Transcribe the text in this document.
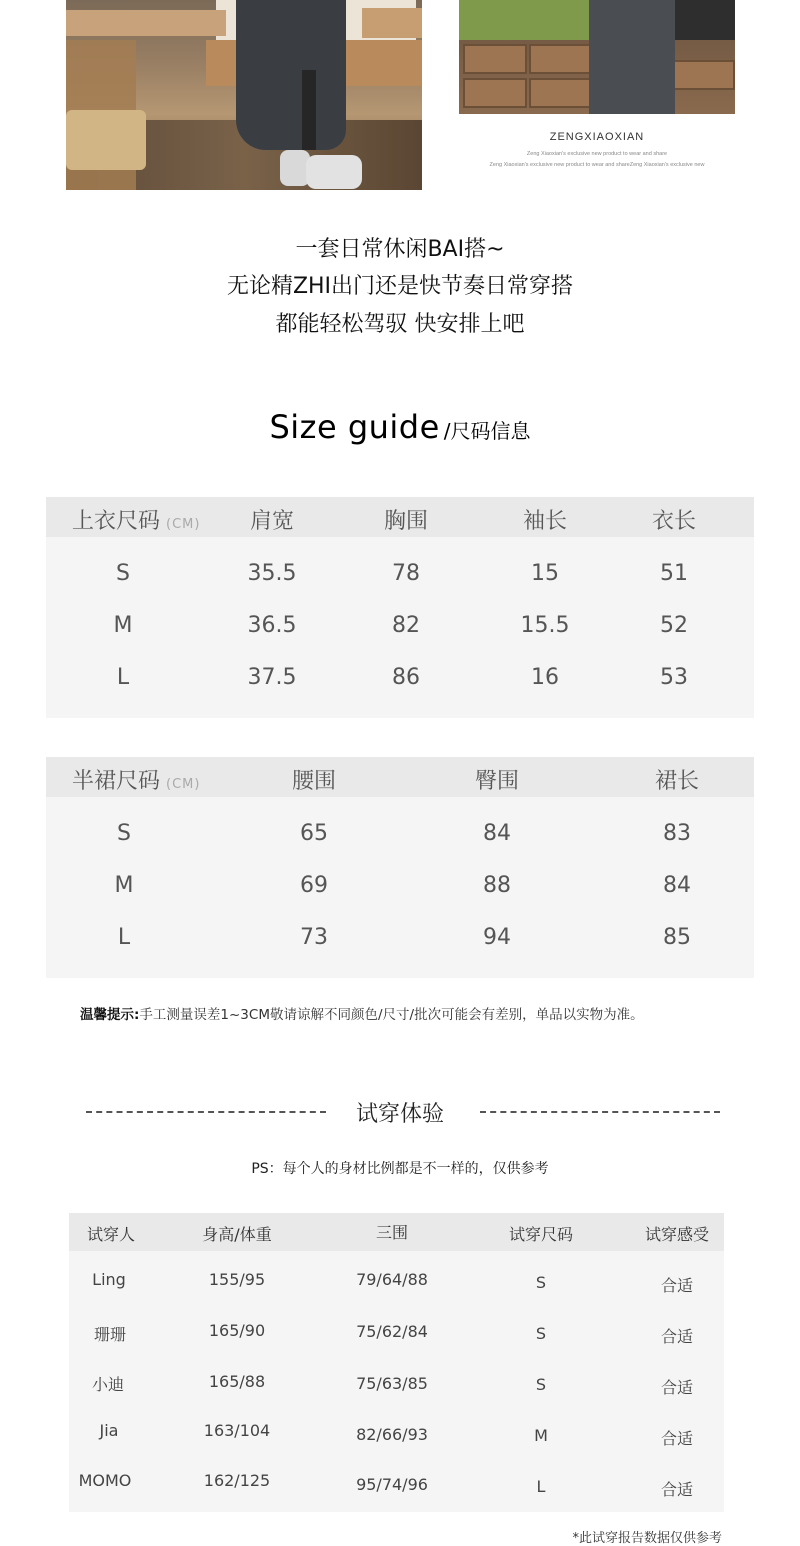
ZENGXIAOXIAN
Zeng Xiaoxian's exclusive new product to wear and share
Zeng Xiaoxian's exclusive new product to wear and shareZeng Xiaoxian's exclusive new
一套日常休闲BAI搭~
无论精ZHI出门还是快节奏日常穿搭
都能轻松驾驭 快安排上吧
Size guide /尺码信息
上衣尺码 (CM)	肩宽	胸围	袖长	衣长
S	35.5	78	15	51
M	36.5	82	15.5	52
L	37.5	86	16	53
半裙尺码 (CM)	腰围	臀围	裙长
S	65	84	83
M	69	88	84
L	73	94	85
温馨提示:手工测量误差1~3CM敬请谅解不同颜色/尺寸/批次可能会有差别，单品以实物为准。
试穿体验
PS：每个人的身材比例都是不一样的，仅供参考
试穿人	身高/体重	三围	试穿尺码	试穿感受
Ling	155/95	79/64/88	S	合适
珊珊	165/90	75/62/84	S	合适
小迪	165/88	75/63/85	S	合适
Jia	163/104	82/66/93	M	合适
MOMO	162/125	95/74/96	L	合适
*此试穿报告数据仅供参考
